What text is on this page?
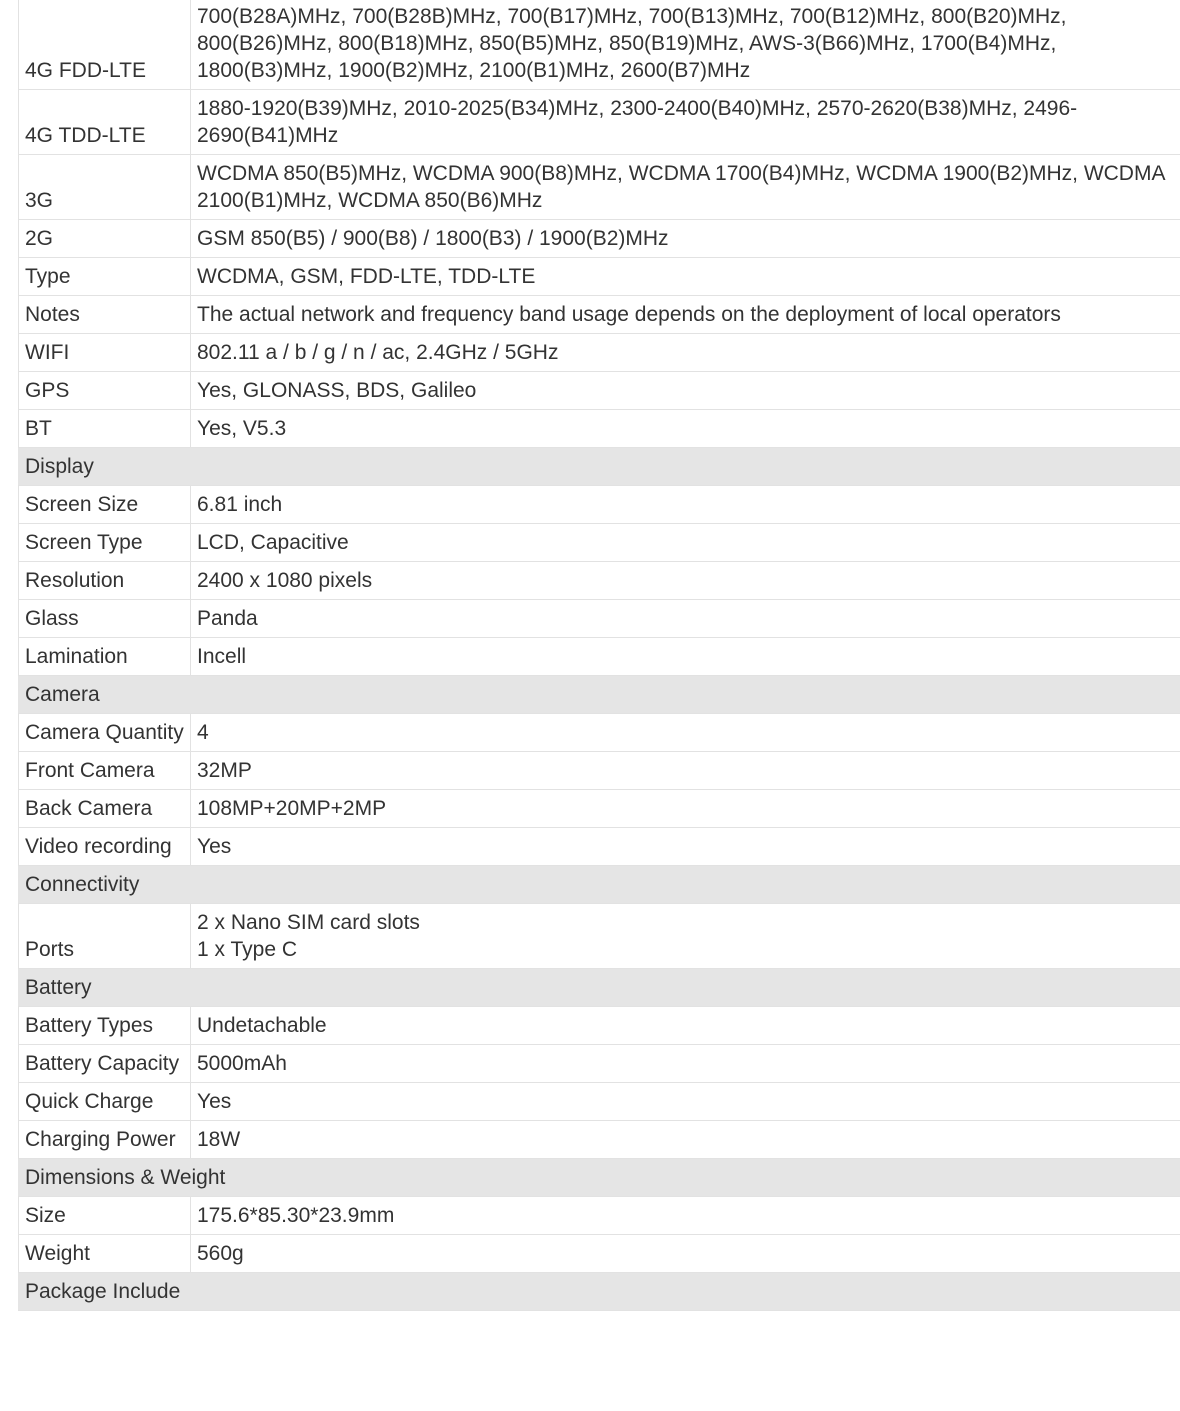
4G FDD-LTE	700(B28A)MHz, 700(B28B)MHz, 700(B17)MHz, 700(B13)MHz, 700(B12)MHz, 800(B20)MHz, 800(B26)MHz, 800(B18)MHz, 850(B5)MHz, 850(B19)MHz, AWS-3(B66)MHz, 1700(B4)MHz, 1800(B3)MHz, 1900(B2)MHz, 2100(B1)MHz, 2600(B7)MHz
4G TDD-LTE	1880-1920(B39)MHz, 2010-2025(B34)MHz, 2300-2400(B40)MHz, 2570-2620(B38)MHz, 2496-2690(B41)MHz
3G	WCDMA 850(B5)MHz, WCDMA 900(B8)MHz, WCDMA 1700(B4)MHz, WCDMA 1900(B2)MHz, WCDMA 2100(B1)MHz, WCDMA 850(B6)MHz
2G	GSM 850(B5) / 900(B8) / 1800(B3) / 1900(B2)MHz
Type	WCDMA, GSM, FDD-LTE, TDD-LTE
Notes	The actual network and frequency band usage depends on the deployment of local operators
WIFI	802.11 a / b / g / n / ac, 2.4GHz / 5GHz
GPS	Yes, GLONASS, BDS, Galileo
BT	Yes, V5.3
Display	
Screen Size	6.81 inch
Screen Type	LCD, Capacitive
Resolution	2400 x 1080 pixels
Glass	Panda
Lamination	Incell
Camera	
Camera Quantity	4
Front Camera	32MP
Back Camera	108MP+20MP+2MP
Video recording	Yes
Connectivity	
Ports	2 x Nano SIM card slots
1 x Type C
Battery	
Battery Types	Undetachable
Battery Capacity	5000mAh
Quick Charge	Yes
Charging Power	18W
Dimensions & Weight	
Size	175.6*85.30*23.9mm
Weight	560g
Package Include	
